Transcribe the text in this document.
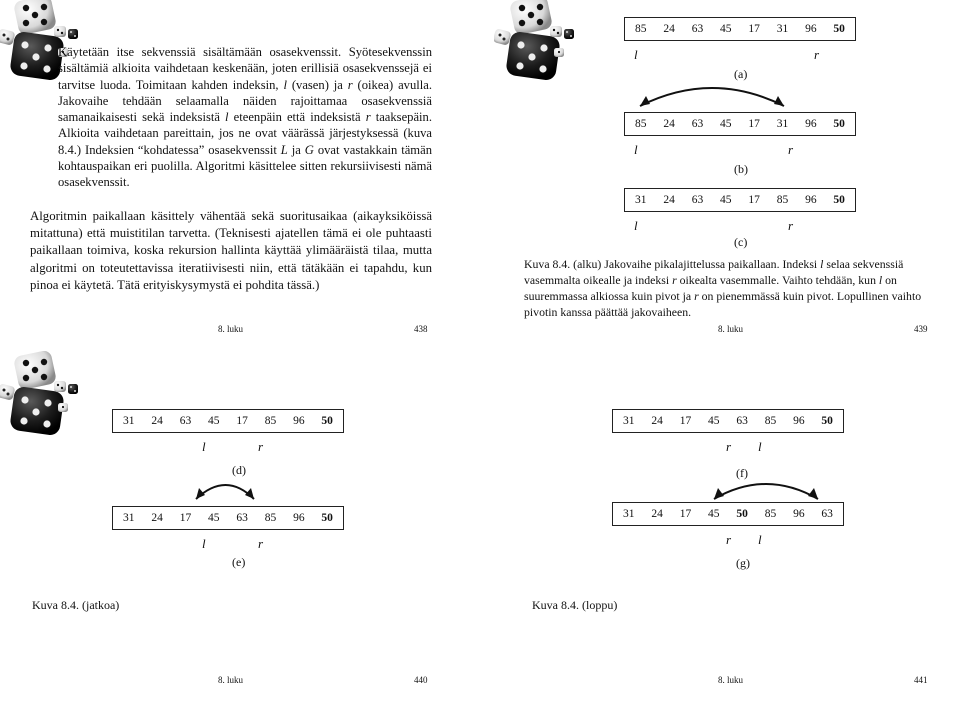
Käytetään itse sekvenssiä sisältämään osasekvenssit. Syötesekvenssin sisältämiä alkioita vaihdetaan keskenään, joten erillisiä osasekvenssejä ei tarvitse luoda. Toimitaan kahden indeksin, l (vasen) ja r (oikea) avulla. Jakovaihe tehdään selaamalla näiden rajoittamaa osasekvenssiä samanaikaisesti sekä indeksistä l eteenpäin että indeksistä r taaksepäin. Alkioita vaihdetaan pareittain, jos ne ovat väärässä järjestyksessä (kuva 8.4.) Indeksien “kohdatessa” osasekvenssit L ja G ovat vastakkain tämän kohtauspaikan eri puolilla. Algoritmi käsittelee sitten rekursiivisesti nämä osasekvenssit.

Algoritmin paikallaan käsittely vähentää sekä suoritusaikaa (aikayksiköissä mitattuna) että muistitilan tarvetta. (Teknisesti ajatellen tämä ei ole puhtaasti paikallaan toimiva, koska rekursion hallinta käyttää ylimääräistä tilaa, mutta algoritmi on toteutettavissa iteratiivisesti niin, että tätäkään ei tapahdu, kun pinoa ei käytetä. Tätä erityiskysymystä ei pohdita tässä.)

8. luku	438
85 24 63 45 17 31 96 50
l	r
(a)
85 24 63 45 17 31 96 50
l	r
(b)
31 24 63 45 17 85 96 50
l	r
(c)
Kuva 8.4. (alku) Jakovaihe pikalajittelussa paikallaan. Indeksi l selaa sekvenssiä vasemmalta oikealle ja indeksi r oikealta vasemmalle. Vaihto tehdään, kun l on suuremmassa alkiossa kuin pivot ja r on pienemmässä kuin pivot. Lopullinen vaihto pivotin kanssa päättää jakovaiheen.
8. luku	439
31 24 63 45 17 85 96 50
l	r
(d)
31 24 17 45 63 85 96 50
l	r
(e)
Kuva 8.4. (jatkoa)
8. luku	440
31 24 17 45 63 85 96 50
r l
(f)
31 24 17 45 50 85 96 63
r l
(g)
Kuva 8.4. (loppu)
8. luku	441
